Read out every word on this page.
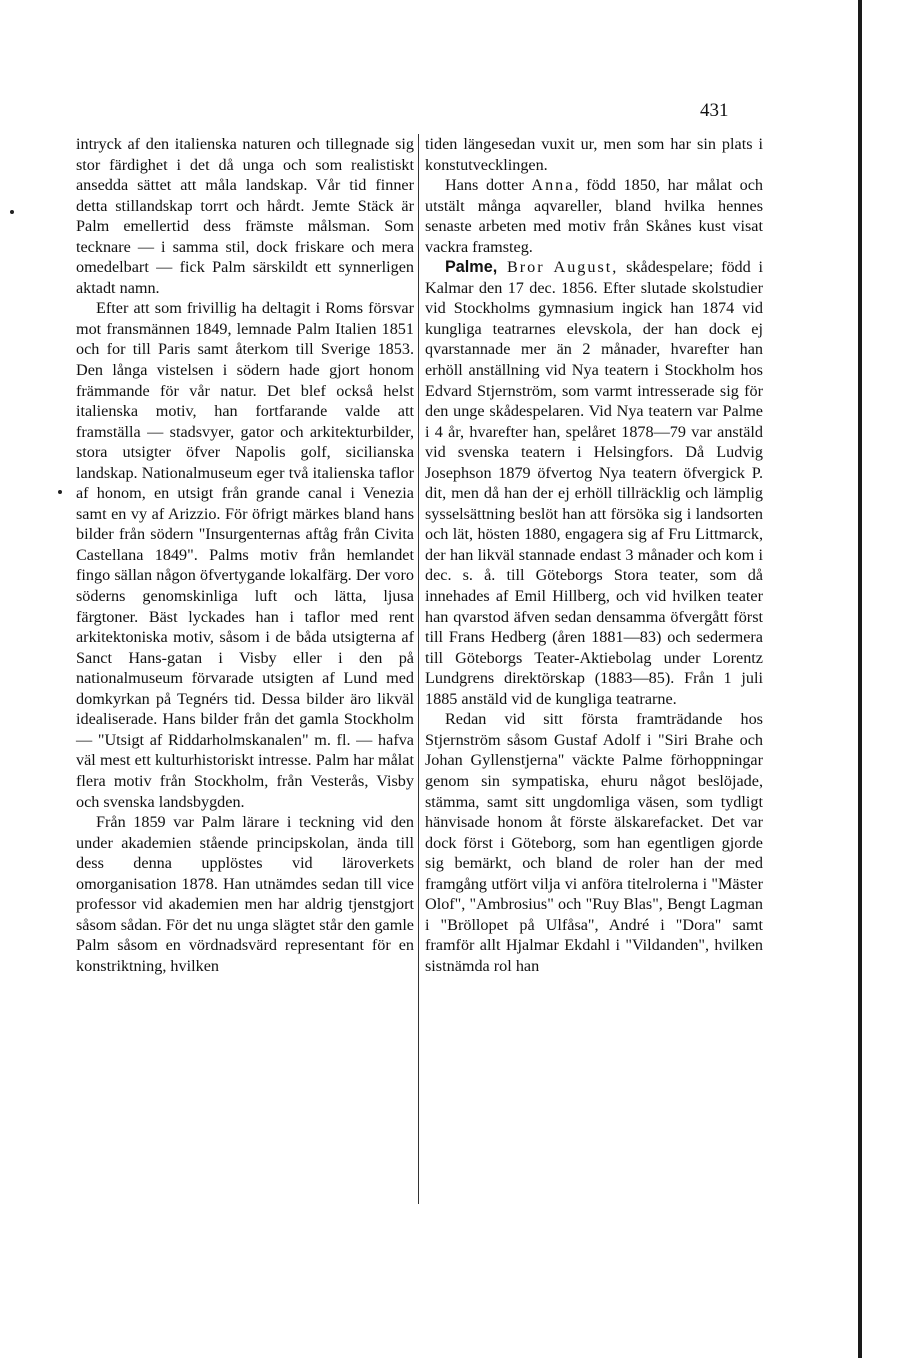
431

intryck af den italienska naturen och tillegnade sig stor färdighet i det då unga och som realistiskt ansedda sättet att måla landskap. Vår tid finner detta stillandskap torrt och hårdt. Jemte Stäck är Palm emellertid dess främste målsman. Som tecknare — i samma stil, dock friskare och mera omedelbart — fick Palm särskildt ett synnerligen aktadt namn.

Efter att som frivillig ha deltagit i Roms försvar mot fransmännen 1849, lemnade Palm Italien 1851 och for till Paris samt återkom till Sverige 1853. Den långa vistelsen i södern hade gjort honom främmande för vår natur. Det blef också helst italienska motiv, han fortfarande valde att framställa — stadsvyer, gator och arkitekturbilder, stora utsigter öfver Napolis golf, sicilianska landskap. Nationalmuseum eger två italienska taflor af honom, en utsigt från grande canal i Venezia samt en vy af Arizzio. För öfrigt märkes bland hans bilder från södern "Insurgenternas aftåg från Civita Castellana 1849". Palms motiv från hemlandet fingo sällan någon öfvertygande lokalfärg. Der voro söderns genomskinliga luft och lätta, ljusa färgtoner. Bäst lyckades han i taflor med rent arkitektoniska motiv, såsom i de båda utsigterna af Sanct Hans-gatan i Visby eller i den på nationalmuseum förvarade utsigten af Lund med domkyrkan på Tegnérs tid. Dessa bilder äro likväl idealiserade. Hans bilder från det gamla Stockholm — "Utsigt af Riddarholmskanalen" m. fl. — hafva väl mest ett kulturhistoriskt intresse. Palm har målat flera motiv från Stockholm, från Vesterås, Visby och svenska landsbygden.

Från 1859 var Palm lärare i teckning vid den under akademien stående principskolan, ända till dess denna upplöstes vid läroverkets omorganisation 1878. Han utnämdes sedan till vice professor vid akademien men har aldrig tjenstgjort såsom sådan. För det nu unga slägtet står den gamle Palm såsom en vördnadsvärd representant för en konstriktning, hvilken

tiden längesedan vuxit ur, men som har sin plats i konstutvecklingen.

Hans dotter Anna, född 1850, har målat och utstält många aqvareller, bland hvilka hennes senaste arbeten med motiv från Skånes kust visat vackra framsteg.

Palme, Bror August, skådespelare; född i Kalmar den 17 dec. 1856. Efter slutade skolstudier vid Stockholms gymnasium ingick han 1874 vid kungliga teatrarnes elevskola, der han dock ej qvarstannade mer än 2 månader, hvarefter han erhöll anställning vid Nya teatern i Stockholm hos Edvard Stjernström, som varmt intresserade sig för den unge skådespelaren. Vid Nya teatern var Palme i 4 år, hvarefter han, spelåret 1878—79 var anstäld vid svenska teatern i Helsingfors. Då Ludvig Josephson 1879 öfvertog Nya teatern öfvergick P. dit, men då han der ej erhöll tillräcklig och lämplig sysselsättning beslöt han att försöka sig i landsorten och lät, hösten 1880, engagera sig af Fru Littmarck, der han likväl stannade endast 3 månader och kom i dec. s. å. till Göteborgs Stora teater, som då innehades af Emil Hillberg, och vid hvilken teater han qvarstod äfven sedan densamma öfvergått först till Frans Hedberg (åren 1881—83) och sedermera till Göteborgs Teater-Aktiebolag under Lorentz Lundgrens direktörskap (1883—85). Från 1 juli 1885 anstäld vid de kungliga teatrarne.

Redan vid sitt första framträdande hos Stjernström såsom Gustaf Adolf i "Siri Brahe och Johan Gyllenstjerna" väckte Palme förhoppningar genom sin sympatiska, ehuru något beslöjade, stämma, samt sitt ungdomliga väsen, som tydligt hänvisade honom åt förste älskarefacket. Det var dock först i Göteborg, som han egentligen gjorde sig bemärkt, och bland de roler han der med framgång utfört vilja vi anföra titelrolerna i "Mäster Olof", "Ambrosius" och "Ruy Blas", Bengt Lagman i "Bröllopet på Ulfåsa", André i "Dora" samt framför allt Hjalmar Ekdahl i "Vildanden", hvilken sistnämda rol han
